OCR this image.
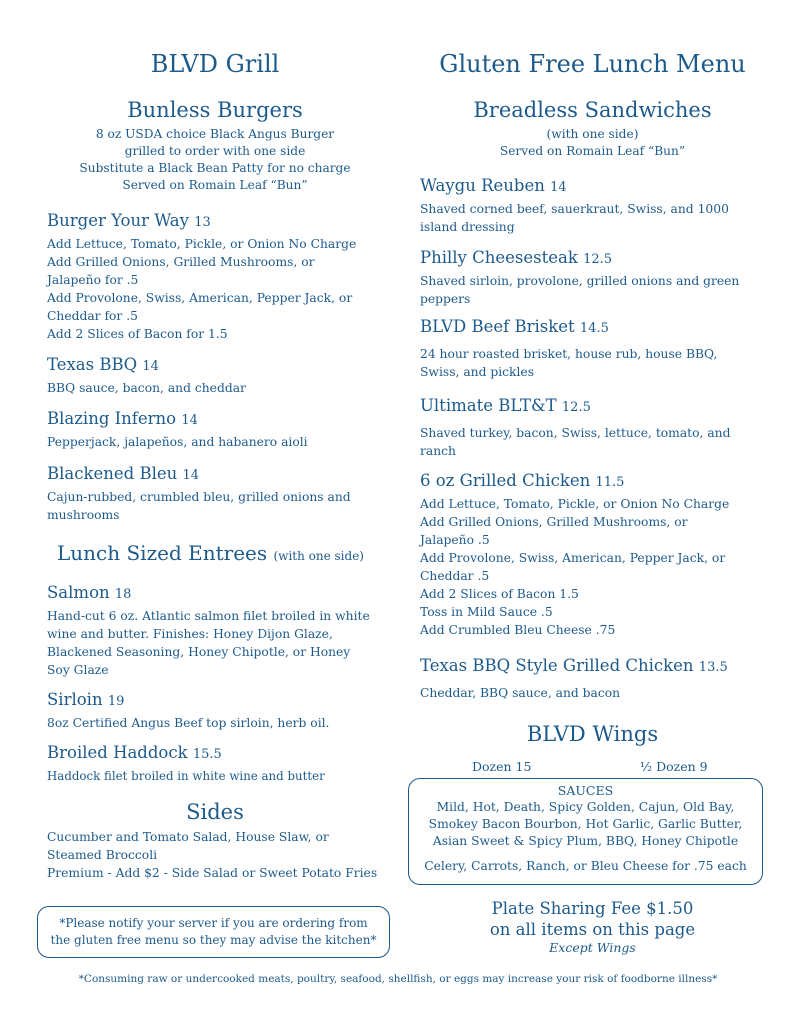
BLVD Grill
Bunless Burgers
8 oz USDA choice Black Angus Burger
grilled to order with one side
Substitute a Black Bean Patty for no charge
Served on Romain Leaf “Bun”
Burger Your Way 13
Add Lettuce, Tomato, Pickle, or Onion No Charge
Add Grilled Onions, Grilled Mushrooms, or
Jalapeño for .5
Add Provolone, Swiss, American, Pepper Jack, or
Cheddar for .5
Add 2 Slices of Bacon for 1.5
Texas BBQ 14
BBQ sauce, bacon, and cheddar
Blazing Inferno 14
Pepperjack, jalapeños, and habanero aioli
Blackened Bleu 14
Cajun-rubbed, crumbled bleu, grilled onions and
mushrooms
Lunch Sized Entrees (with one side)
Salmon 18
Hand-cut 6 oz. Atlantic salmon filet broiled in white
wine and butter. Finishes: Honey Dijon Glaze,
Blackened Seasoning, Honey Chipotle, or Honey
Soy Glaze
Sirloin 19
8oz Certified Angus Beef top sirloin, herb oil.
Broiled Haddock 15.5
Haddock filet broiled in white wine and butter
Sides
Cucumber and Tomato Salad, House Slaw, or
Steamed Broccoli
Premium - Add $2 - Side Salad or Sweet Potato Fries
*Please notify your server if you are ordering from
the gluten free menu so they may advise the kitchen*
Gluten Free Lunch Menu
Breadless Sandwiches
(with one side)
Served on Romain Leaf “Bun”
Waygu Reuben 14
Shaved corned beef, sauerkraut, Swiss, and 1000
island dressing
Philly Cheesesteak 12.5
Shaved sirloin, provolone, grilled onions and green
peppers
BLVD Beef Brisket 14.5
24 hour roasted brisket, house rub, house BBQ,
Swiss, and pickles
Ultimate BLT&T 12.5
Shaved turkey, bacon, Swiss, lettuce, tomato, and
ranch
6 oz Grilled Chicken 11.5
Add Lettuce, Tomato, Pickle, or Onion No Charge
Add Grilled Onions, Grilled Mushrooms, or
Jalapeño .5
Add Provolone, Swiss, American, Pepper Jack, or
Cheddar .5
Add 2 Slices of Bacon 1.5
Toss in Mild Sauce .5
Add Crumbled Bleu Cheese .75
Texas BBQ Style Grilled Chicken 13.5
Cheddar, BBQ sauce, and bacon
BLVD Wings
Dozen 15	½ Dozen 9
SAUCES
Mild, Hot, Death, Spicy Golden, Cajun, Old Bay,
Smokey Bacon Bourbon, Hot Garlic, Garlic Butter,
Asian Sweet & Spicy Plum, BBQ, Honey Chipotle
Celery, Carrots, Ranch, or Bleu Cheese for .75 each
Plate Sharing Fee $1.50
on all items on this page
Except Wings
*Consuming raw or undercooked meats, poultry, seafood, shellfish, or eggs may increase your risk of foodborne illness*
